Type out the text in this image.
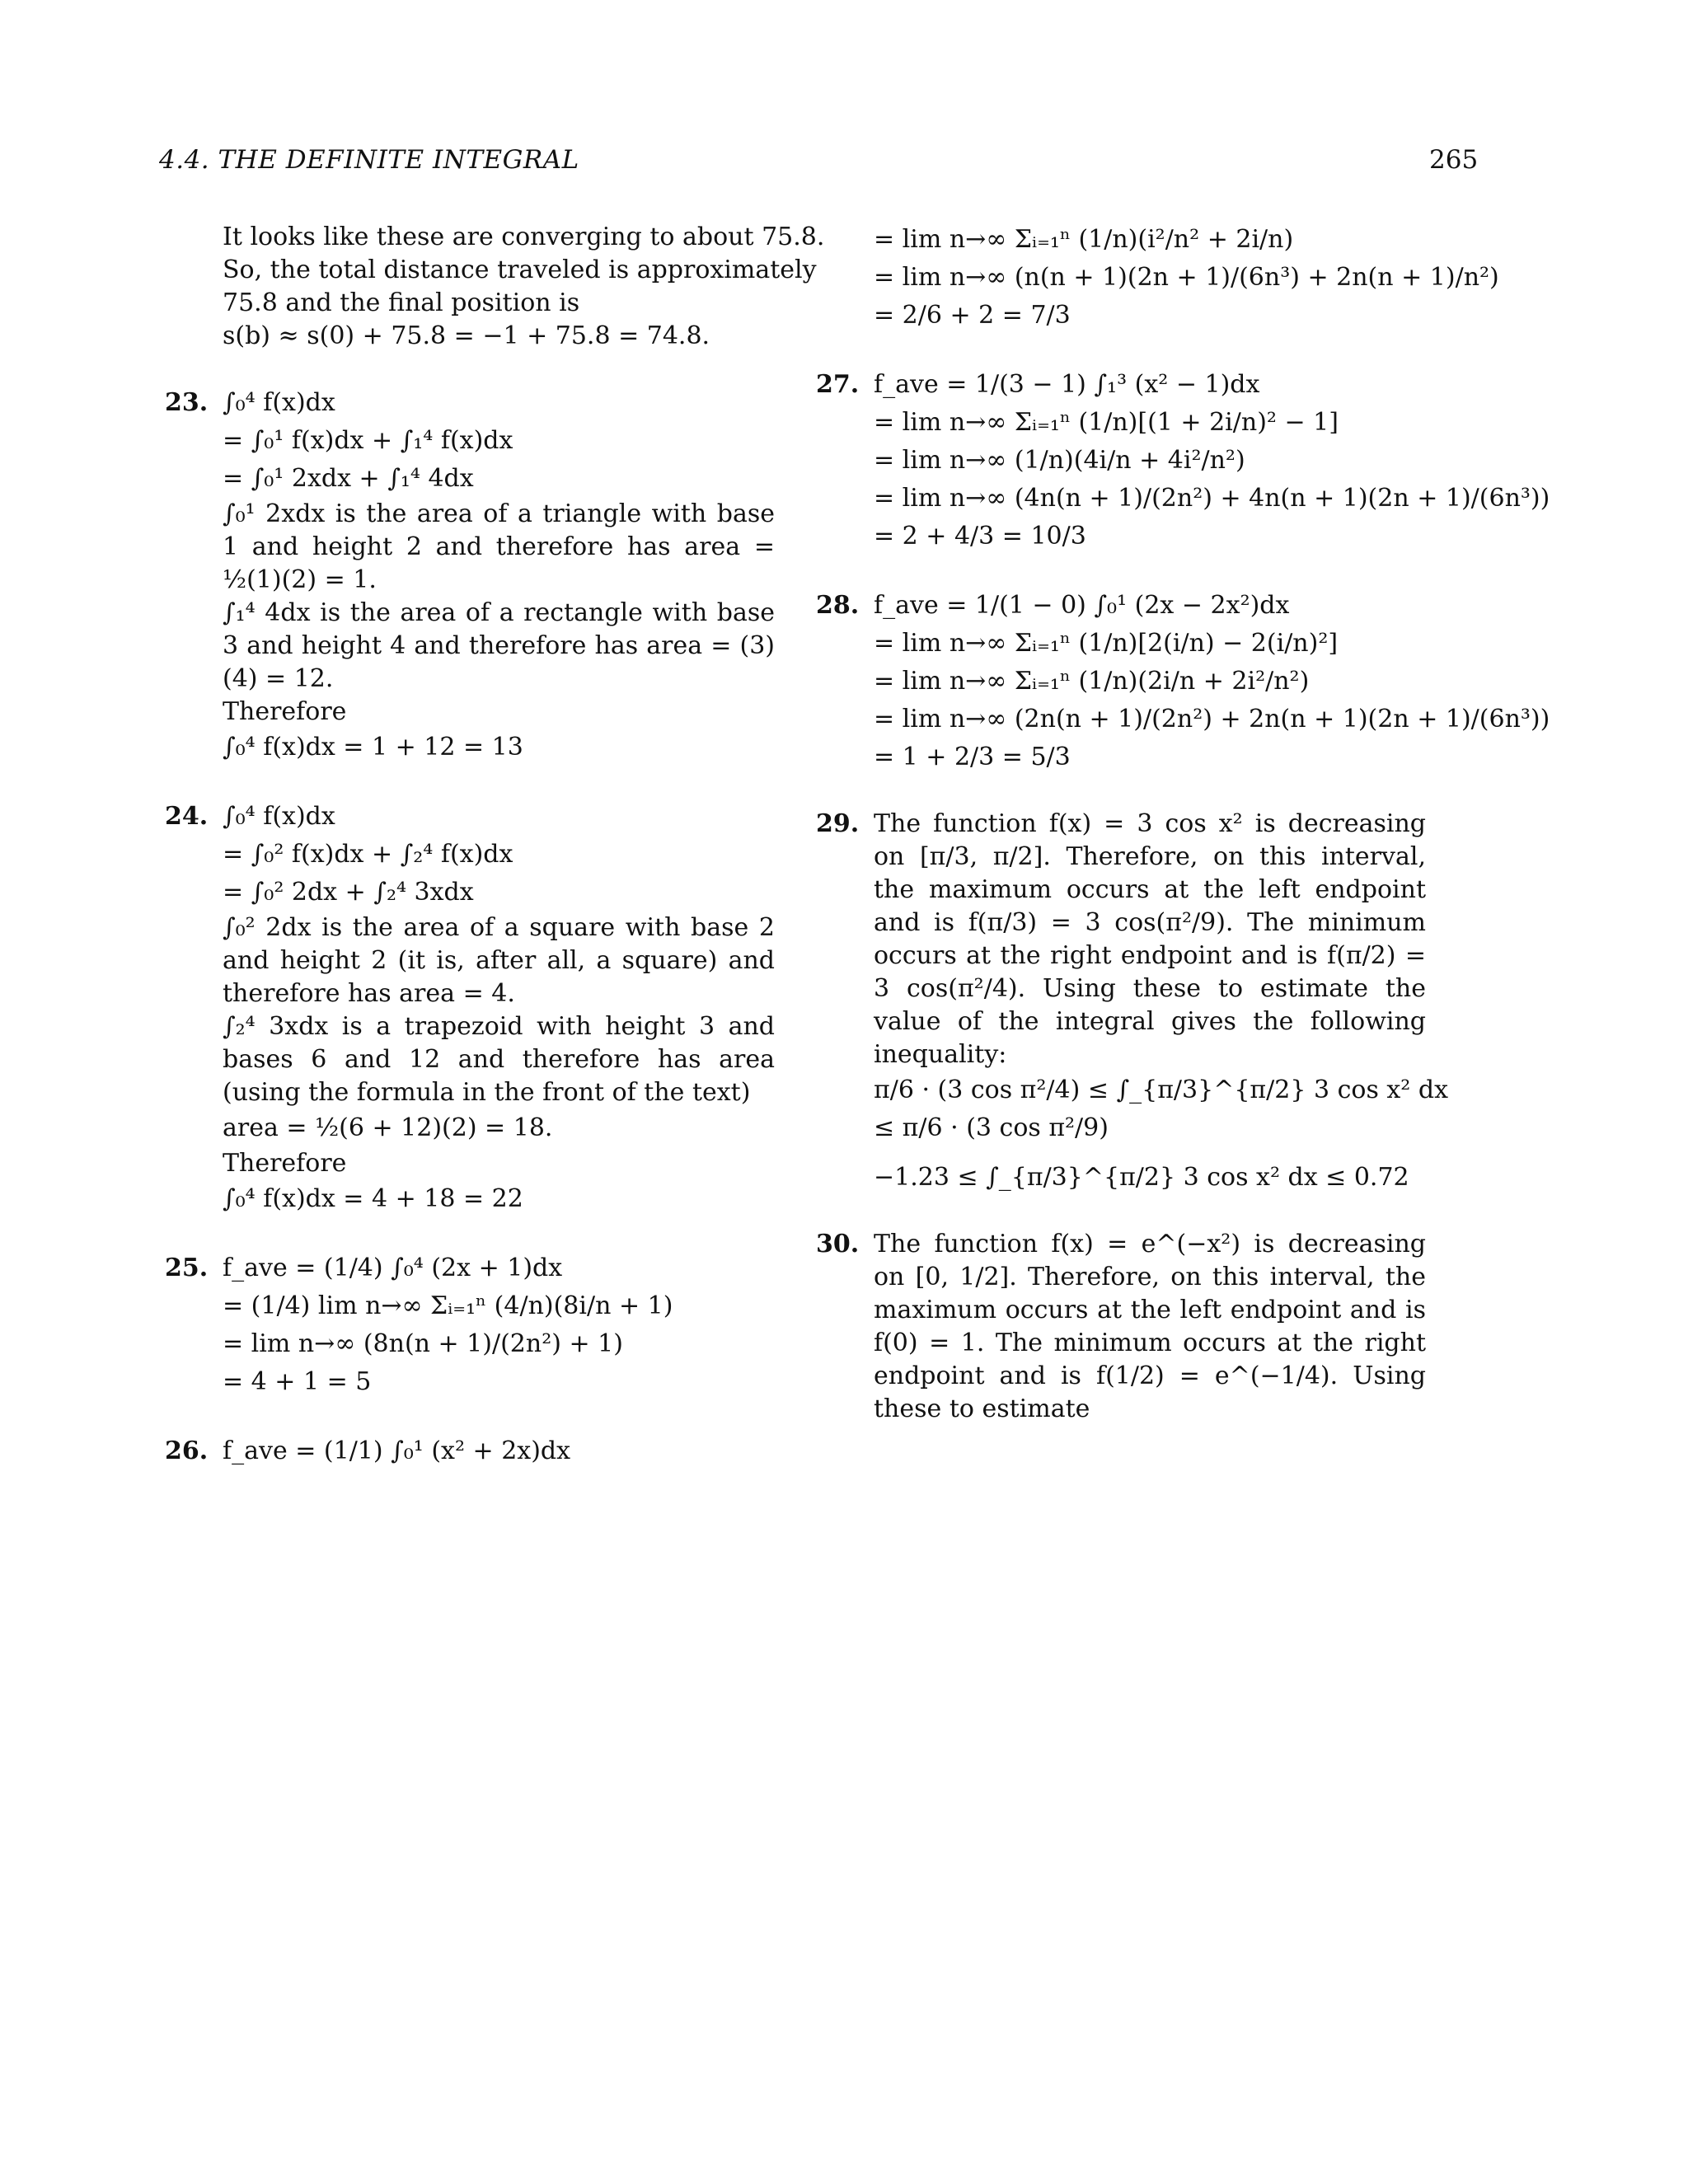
4.4. THE DEFINITE INTEGRAL	265
It looks like these are converging to about 75.8.
So, the total distance traveled is approximately
75.8 and the final position is
s(b) ≈ s(0) + 75.8 = −1 + 75.8 = 74.8.
23. ∫₀⁴ f(x)dx
= ∫₀¹ f(x)dx + ∫₁⁴ f(x)dx
= ∫₀¹ 2xdx + ∫₁⁴ 4dx
∫₀¹ 2xdx is the area of a triangle with base 1 and height 2 and therefore has area = ½(1)(2) = 1.
∫₁⁴ 4dx is the area of a rectangle with base 3 and height 4 and therefore has area = (3)(4) = 12.
Therefore
∫₀⁴ f(x)dx = 1 + 12 = 13
24. ∫₀⁴ f(x)dx
= ∫₀² f(x)dx + ∫₂⁴ f(x)dx
= ∫₀² 2dx + ∫₂⁴ 3xdx
∫₀² 2dx is the area of a square with base 2 and height 2 (it is, after all, a square) and therefore has area = 4.
∫₂⁴ 3xdx is a trapezoid with height 3 and bases 6 and 12 and therefore has area (using the formula in the front of the text)
area = ½(6 + 12)(2) = 18.
Therefore
∫₀⁴ f(x)dx = 4 + 18 = 22
25. f_ave = (1/4) ∫₀⁴ (2x + 1)dx
= (1/4) lim n→∞ Σᵢ₌₁ⁿ (4/n)(8i/n + 1)
= lim n→∞ (8n(n + 1)/(2n²) + 1)
= 4 + 1 = 5
26. f_ave = (1/1) ∫₀¹ (x² + 2x)dx
= lim n→∞ Σᵢ₌₁ⁿ (1/n)(i²/n² + 2i/n)
= lim n→∞ (n(n + 1)(2n + 1)/(6n³) + 2n(n + 1)/n²)
= 2/6 + 2 = 7/3
27. f_ave = 1/(3 − 1) ∫₁³ (x² − 1)dx
= lim n→∞ Σᵢ₌₁ⁿ (1/n)[(1 + 2i/n)² − 1]
= lim n→∞ (1/n)(4i/n + 4i²/n²)
= lim n→∞ (4n(n + 1)/(2n²) + 4n(n + 1)(2n + 1)/(6n³))
= 2 + 4/3 = 10/3
28. f_ave = 1/(1 − 0) ∫₀¹ (2x − 2x²)dx
= lim n→∞ Σᵢ₌₁ⁿ (1/n)[2(i/n) − 2(i/n)²]
= lim n→∞ Σᵢ₌₁ⁿ (1/n)(2i/n + 2i²/n²)
= lim n→∞ (2n(n + 1)/(2n²) + 2n(n + 1)(2n + 1)/(6n³))
= 1 + 2/3 = 5/3
29. The function f(x) = 3 cos x² is decreasing on [π/3, π/2]. Therefore, on this interval, the maximum occurs at the left endpoint and is f(π/3) = 3 cos(π²/9). The minimum occurs at the right endpoint and is f(π/2) = 3 cos(π²/4). Using these to estimate the value of the integral gives the following inequality:
π/6 · (3 cos π²/4) ≤ ∫_{π/3}^{π/2} 3 cos x² dx
≤ π/6 · (3 cos π²/9)
−1.23 ≤ ∫_{π/3}^{π/2} 3 cos x² dx ≤ 0.72
30. The function f(x) = e^(−x²) is decreasing on [0, 1/2]. Therefore, on this interval, the maximum occurs at the left endpoint and is f(0) = 1. The minimum occurs at the right endpoint and is f(1/2) = e^(−1/4). Using these to estimate
